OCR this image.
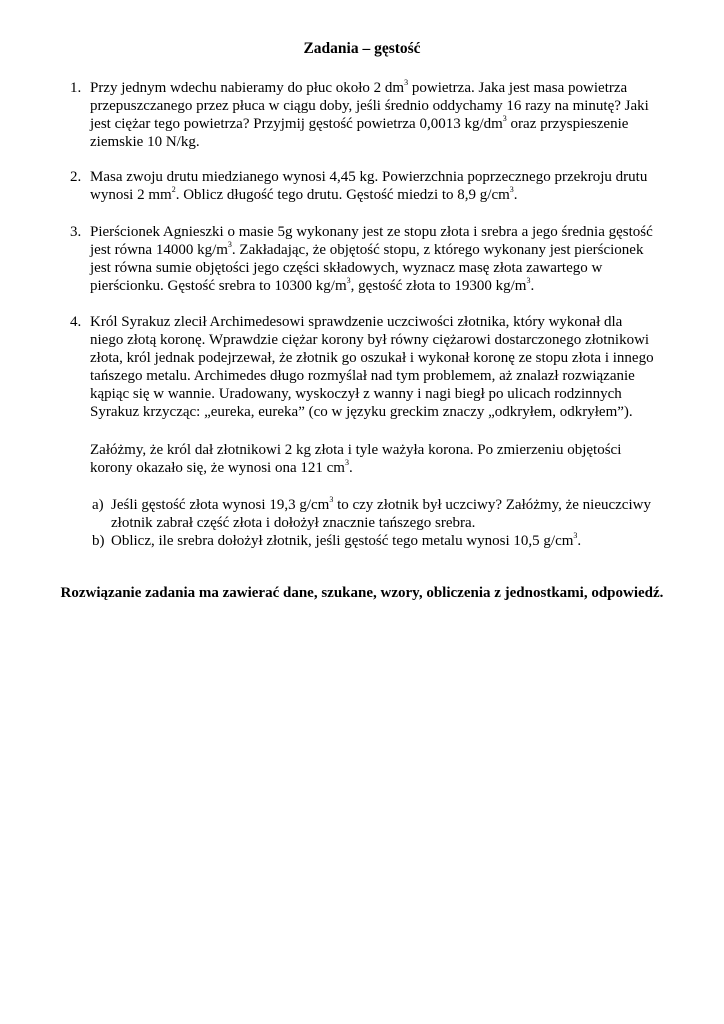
Zadania – gęstość
1. Przy jednym wdechu nabieramy do płuc około 2 $dm^3$ powietrza. Jaka jest masa powietrza
przepuszczanego przez płuca w ciągu doby, jeśli średnio oddychamy 16 razy na minutę? Jaki
jest ciężar tego powietrza? Przyjmij gęstość powietrza 0,0013 $kg/dm^3$ oraz przyspieszenie
ziemskie 10 N/kg.
2. Masa zwoju drutu miedzianego wynosi 4,45 kg. Powierzchnia poprzecznego przekroju drutu
wynosi 2 $mm^2$. Oblicz długość tego drutu. Gęstość miedzi to 8,9 $g/cm^3$.
3. Pierścionek Agnieszki o masie 5g wykonany jest ze stopu złota i srebra a jego średnia gęstość
jest równa 14000 $kg/m^3$. Zakładając, że objętość stopu, z którego wykonany jest pierścionek
jest równa sumie objętości jego części składowych, wyznacz masę złota zawartego w
pierścionku. Gęstość srebra to 10300 $kg/m^3$, gęstość złota to 19300 $kg/m^3$.
4. Król Syrakuz zlecił Archimedesowi sprawdzenie uczciwości złotnika, który wykonał dla
niego złotą koronę. Wprawdzie ciężar korony był równy ciężarowi dostarczonego złotnikowi
złota, król jednak podejrzewał, że złotnik go oszukał i wykonał koronę ze stopu złota i innego
tańszego metalu. Archimedes długo rozmyślał nad tym problemem, aż znalazł rozwiązanie
kąpiąc się w wannie. Uradowany, wyskoczył z wanny i nagi biegł po ulicach rodzinnych
Syrakuz krzycząc: „eureka, eureka” (co w języku greckim znaczy „odkryłem, odkryłem”).
Załóżmy, że król dał złotnikowi 2 kg złota i tyle ważyła korona. Po zmierzeniu objętości
korony okazało się, że wynosi ona 121 $cm^3$.
a) Jeśli gęstość złota wynosi 19,3 $g/cm^3$ to czy złotnik był uczciwy? Załóżmy, że nieuczciwy
złotnik zabrał część złota i dołożył znacznie tańszego srebra.
b) Oblicz, ile srebra dołożył złotnik, jeśli gęstość tego metalu wynosi 10,5 $g/cm^3$.
Rozwiązanie zadania ma zawierać dane, szukane, wzory, obliczenia z jednostkami, odpowiedź.
